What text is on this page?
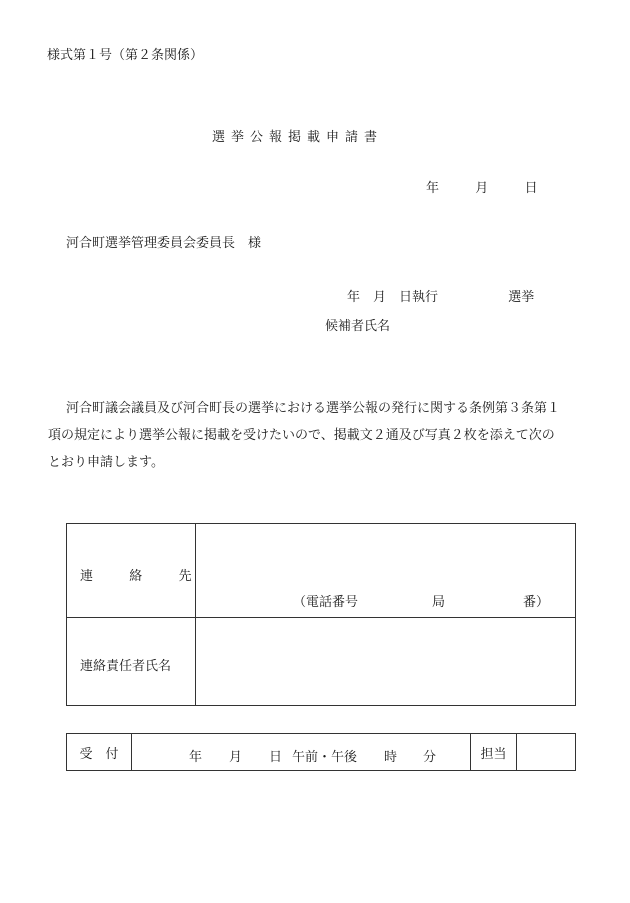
様式第１号（第２条関係）
選挙公報掲載申請書
年	月	日
河合町選挙管理委員会委員長　様
年　月　日執行	選挙
候補者氏名
河合町議会議員及び河合町長の選挙における選挙公報の発行に関する条例第３条第１
項の規定により選挙公報に掲載を受けたいので、掲載文２通及び写真２枚を添えて次の
とおり申請します。
連 絡 先	（電話番号 局 番）

連絡責任者氏名	

受　付	年 月 日 午前・午後 時 分	担当	
